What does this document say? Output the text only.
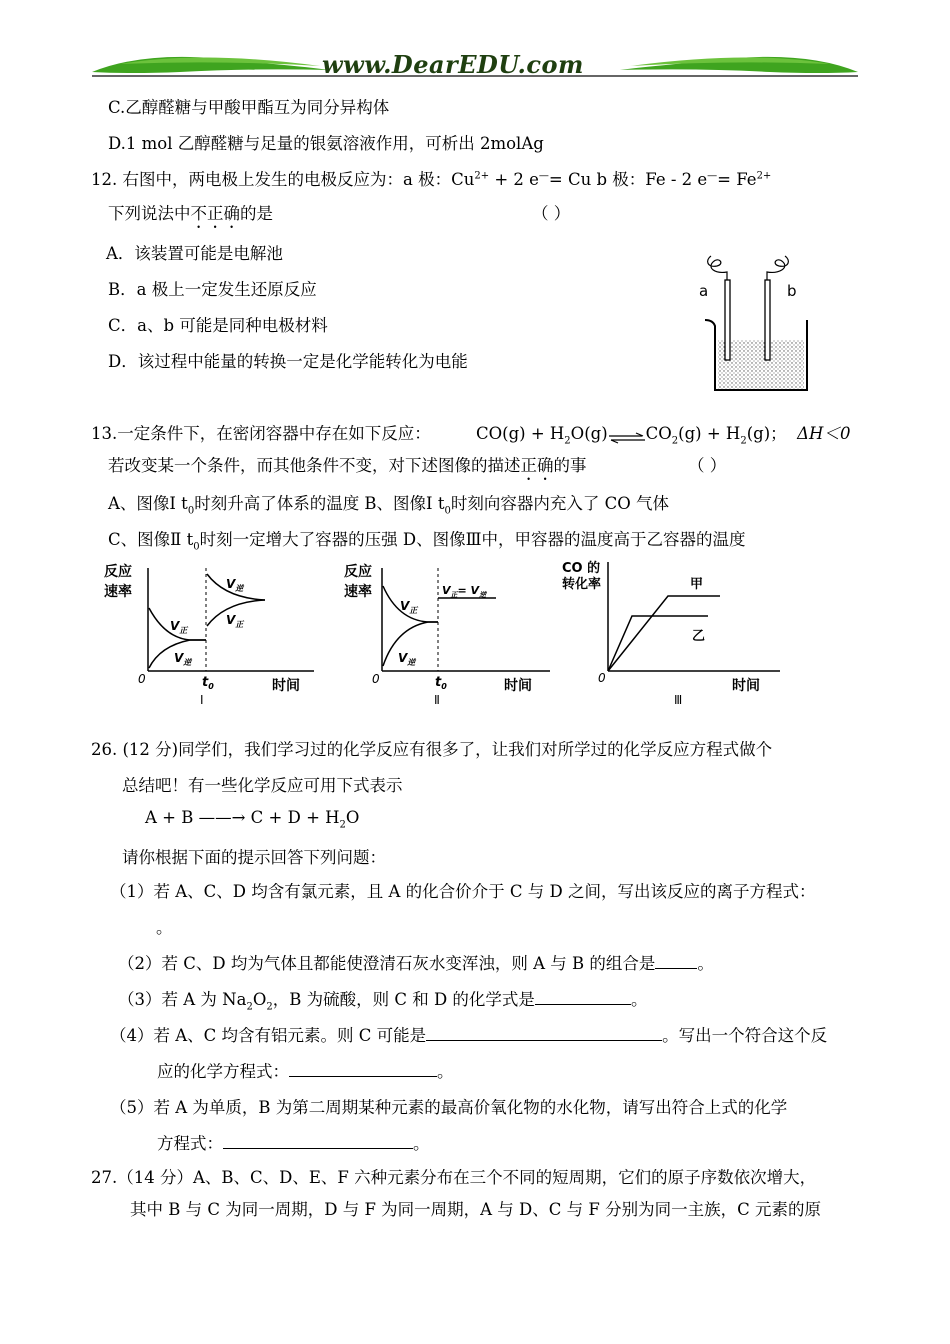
www.DearEDU.com
C.乙醇醛糖与甲酸甲酯互为同分异构体
D.1 mol 乙醇醛糖与足量的银氨溶液作用，可析出 2molAg
12. 右图中，两电极上发生的电极反应为：a 极：$Cu^{2+} + 2$ e—= Cu b 极：Fe - 2 $e^—= Fe^{2+}$
下列说法中不正确的是	（ ）
A．该装置可能是电解池
B．a 极上一定发生还原反应
C．a、b 可能是同种电极材料
D．该过程中能量的转换一定是化学能转化为电能
a	b
13.一定条件下，在密闭容器中存在如下反应：	$CO(g) + H_2O(g)\rightleftharpoons CO_2(g) + H_2(g)$； ΔH＜0
若改变某一个条件，而其他条件不变，对下述图像的描述正确的事	（ ）
A、图像Ⅰ $t_0$时刻升高了体系的温度 B、图像Ⅰ $t_0$时刻向容器内充入了 CO 气体
C、图像Ⅱ $t_0$时刻一定增大了容器的压强 D、图像Ⅲ中，甲容器的温度高于乙容器的温度
反应
速率	$V_逆$
$V_正$
$V_正$
$V_逆$
0	$t_0$	时间
Ⅰ
反应
速率	$V_正= V_逆$
$V_正$
$V_逆$
0	$t_0$	时间
Ⅱ
CO 的
转化率	甲
乙
0	时间
Ⅲ
26. (12 分)同学们，我们学习过的化学反应有很多了，让我们对所学过的化学反应方程式做个
总结吧！有一些化学反应可用下式表示
A + B ——→ $C + D + H_2O$
请你根据下面的提示回答下列问题：
（1）若 A、C、D 均含有氯元素，且 A 的化合价介于 C 与 D 之间，写出该反应的离子方程式：
。
（2）若 C、D 均为气体且都能使澄清石灰水变浑浊，则 A 与 B 的组合是	。
（3）若 A 为 $Na_2O_2$，B 为硫酸，则 C 和 D 的化学式是	。
（4）若 A、C 均含有铝元素。则 C 可能是	。写出一个符合这个反
应的化学方程式：	。
（5）若 A 为单质，B 为第二周期某种元素的最高价氧化物的水化物，请写出符合上式的化学
方程式：	。
27.（14 分）A、B、C、D、E、F 六种元素分布在三个不同的短周期，它们的原子序数依次增大，
其中 B 与 C 为同一周期，D 与 F 为同一周期，A 与 D、C 与 F 分别为同一主族，C 元素的原
